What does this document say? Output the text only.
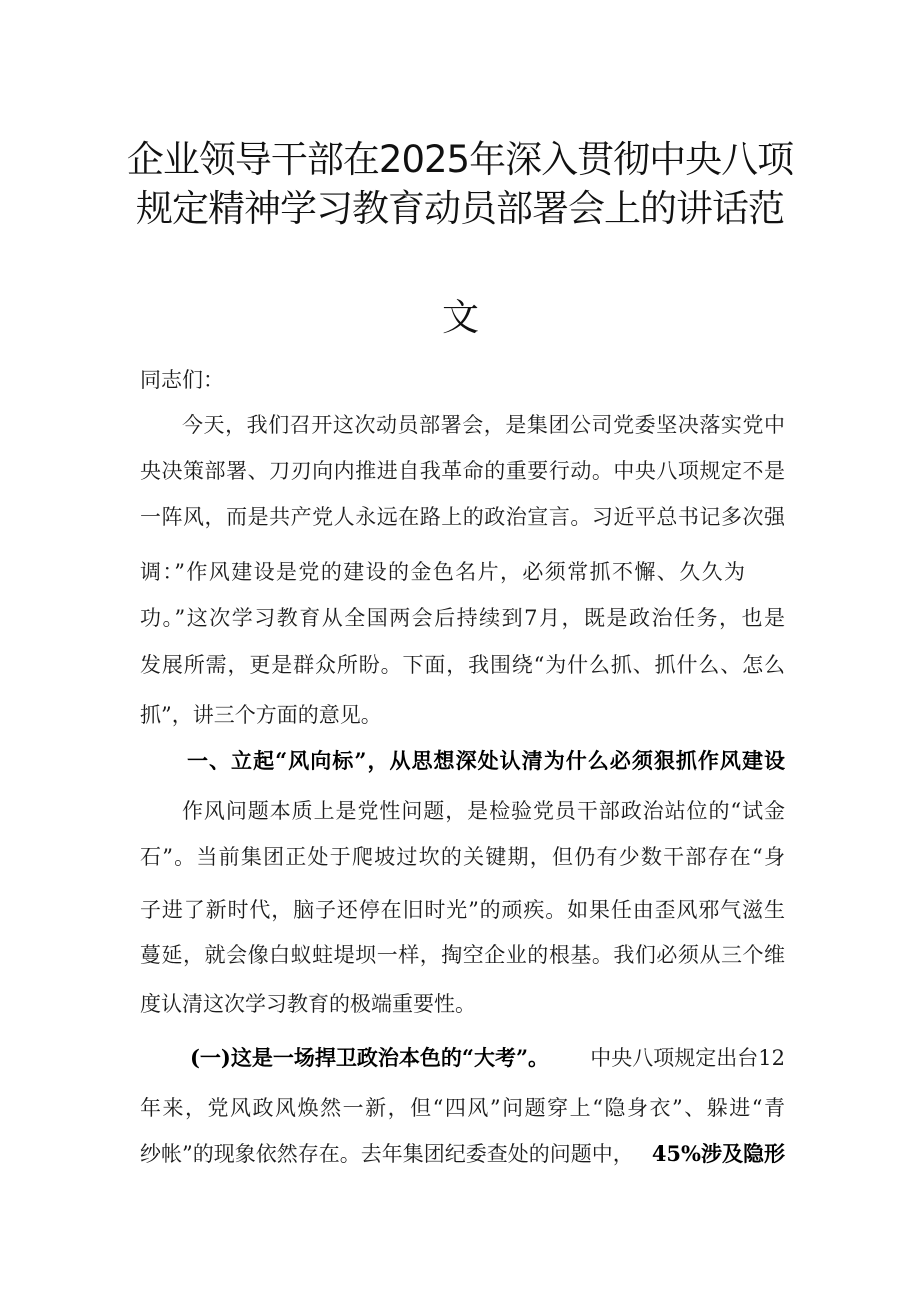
企业领导干部在2025年深入贯彻中央八项
规定精神学习教育动员部署会上的讲话范
文
同志们：
今天，我们召开这次动员部署会，是集团公司党委坚决落实党中
央决策部署、刀刃向内推进自我革命的重要行动。中央八项规定不是
一阵风，而是共产党人永远在路上的政治宣言。习近平总书记多次强
调：”作风建设是党的建设的金色名片，必须常抓不懈、久久为
功。”这次学习教育从全国两会后持续到7月，既是政治任务，也是
发展所需，更是群众所盼。下面，我围绕“为什么抓、抓什么、怎么
抓”，讲三个方面的意见。
一、立起“风向标”，从思想深处认清为什么必须狠抓作风建设
作风问题本质上是党性问题，是检验党员干部政治站位的“试金
石”。当前集团正处于爬坡过坎的关键期，但仍有少数干部存在“身
子进了新时代，脑子还停在旧时光”的顽疾。如果任由歪风邪气滋生
蔓延，就会像白蚁蛀堤坝一样，掏空企业的根基。我们必须从三个维
度认清这次学习教育的极端重要性。
(一)这是一场捍卫政治本色的“大考”。 中央八项规定出台12
年来，党风政风焕然一新，但“四风”问题穿上“隐身衣”、躲进“青
纱帐”的现象依然存在。去年集团纪委查处的问题中， 45%涉及隐形
